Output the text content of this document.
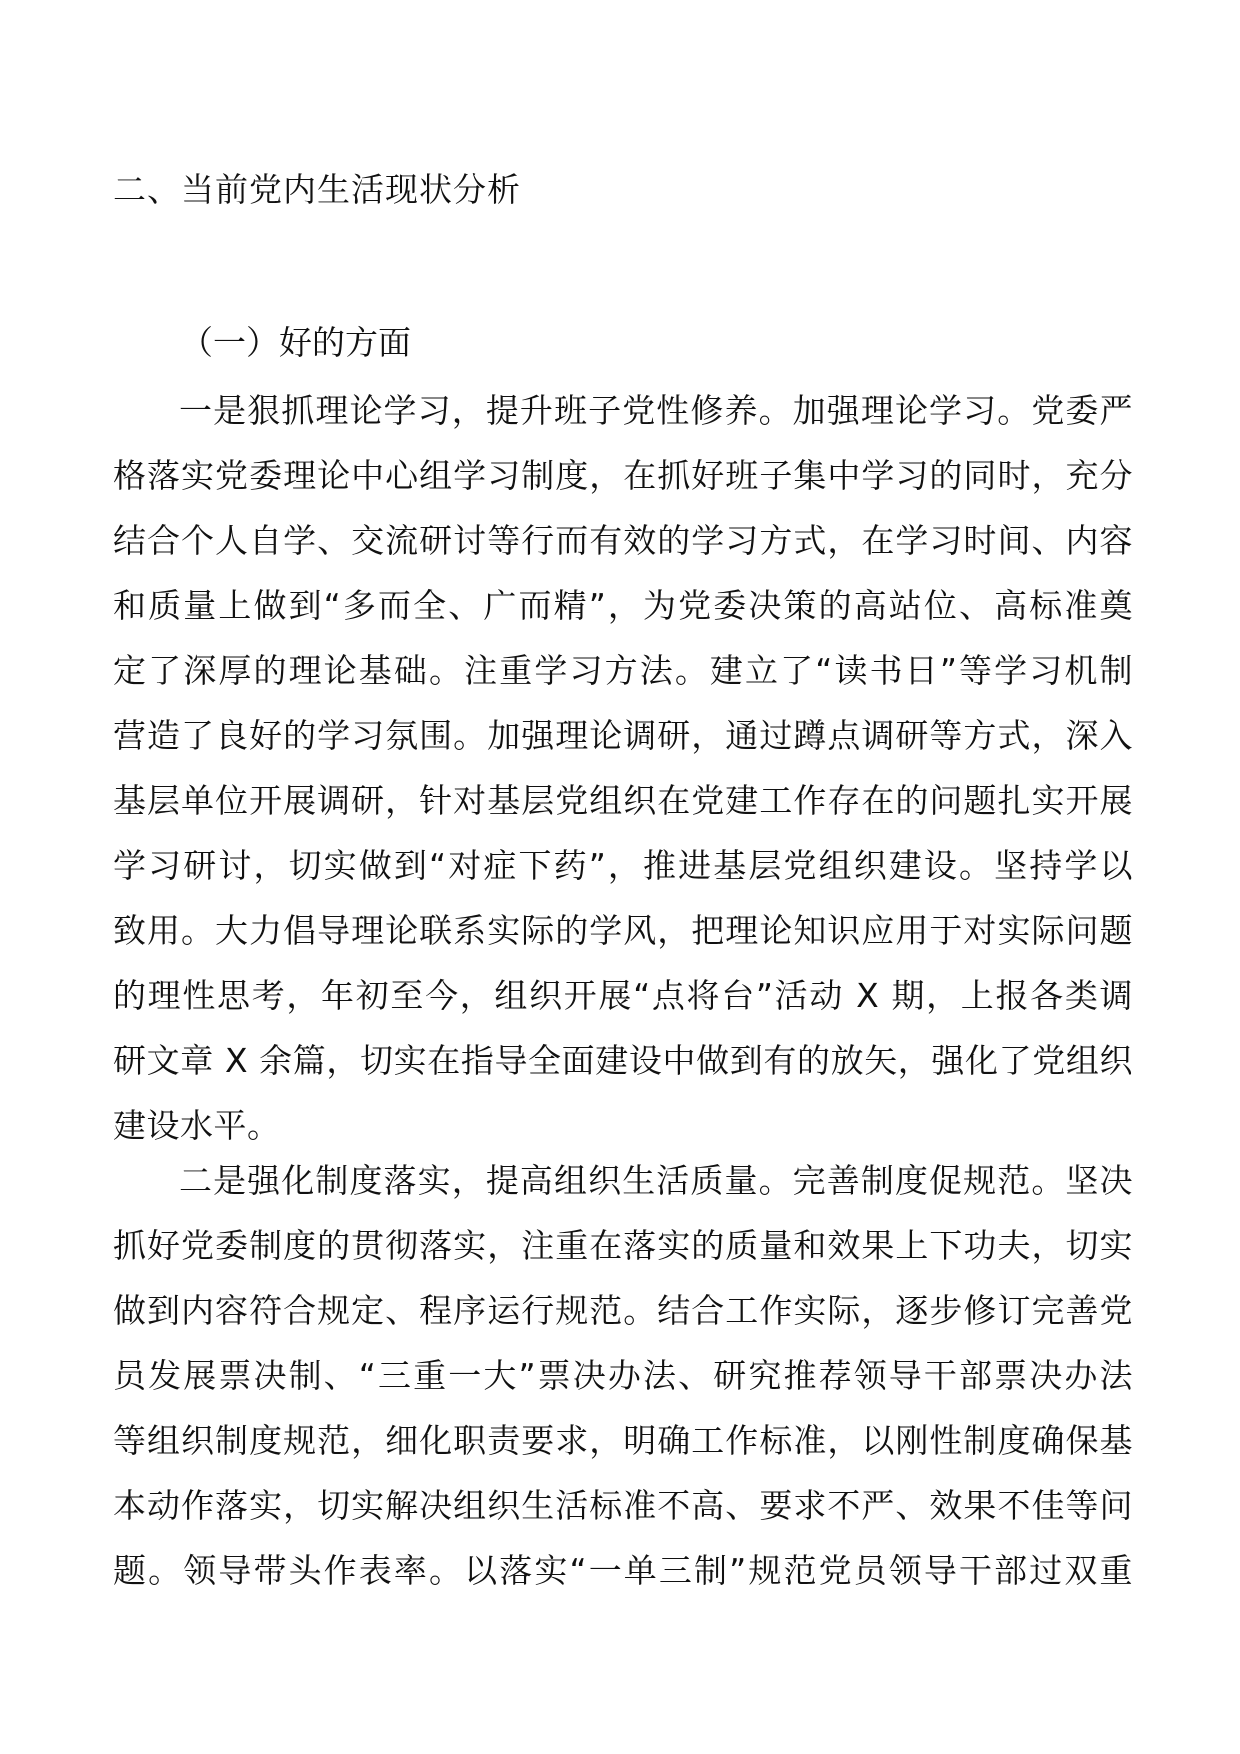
二、当前党内生活现状分析
（一）好的方面
一是狠抓理论学习，提升班子党性修养。加强理论学习。党委严
格落实党委理论中心组学习制度，在抓好班子集中学习的同时，充分
结合个人自学、交流研讨等行而有效的学习方式，在学习时间、内容
和质量上做到“多而全、广而精”，为党委决策的高站位、高标准奠
定了深厚的理论基础。注重学习方法。建立了“读书日”等学习机制
营造了良好的学习氛围。加强理论调研，通过蹲点调研等方式，深入
基层单位开展调研，针对基层党组织在党建工作存在的问题扎实开展
学习研讨，切实做到“对症下药”，推进基层党组织建设。坚持学以
致用。大力倡导理论联系实际的学风，把理论知识应用于对实际问题
的理性思考，年初至今，组织开展“点将台”活动 X 期，上报各类调
研文章 X 余篇，切实在指导全面建设中做到有的放矢，强化了党组织
建设水平。
二是强化制度落实，提高组织生活质量。完善制度促规范。坚决
抓好党委制度的贯彻落实，注重在落实的质量和效果上下功夫，切实
做到内容符合规定、程序运行规范。结合工作实际，逐步修订完善党
员发展票决制、“三重一大”票决办法、研究推荐领导干部票决办法
等组织制度规范，细化职责要求，明确工作标准，以刚性制度确保基
本动作落实，切实解决组织生活标准不高、要求不严、效果不佳等问
题。领导带头作表率。以落实“一单三制”规范党员领导干部过双重
